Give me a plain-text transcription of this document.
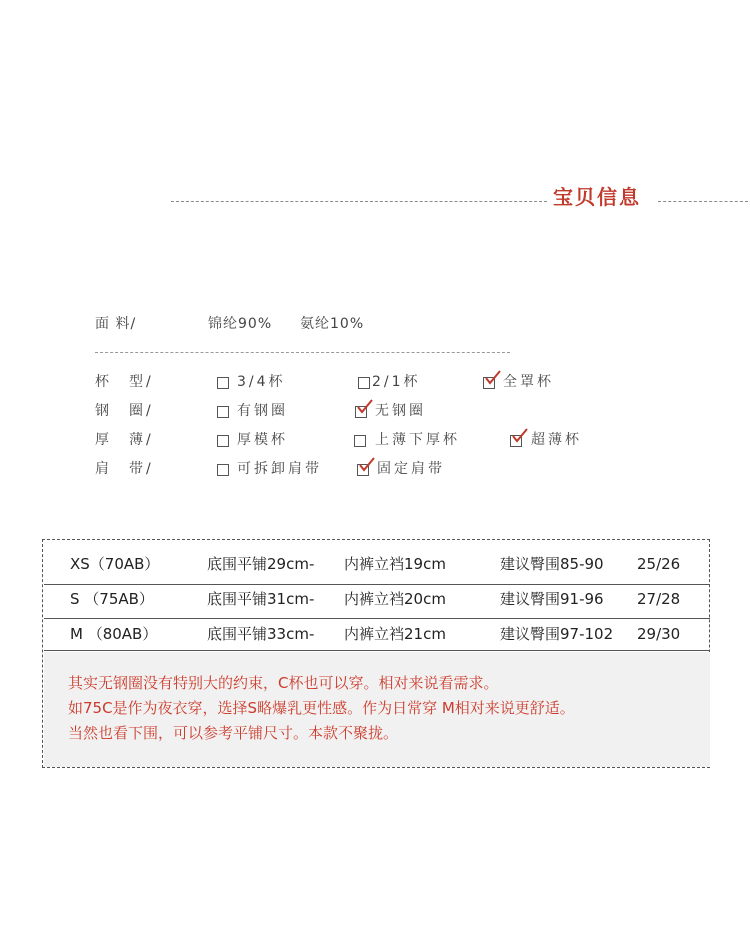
宝贝信息
面 料/	锦纶90% 氨纶10%
杯　型/	3/4杯	2/1杯	全罩杯
钢　圈/	有钢圈	无钢圈
厚　薄/	厚模杯	上薄下厚杯	超薄杯
肩　带/	可拆卸肩带	固定肩带
XS（70AB）	底围平铺29cm- 内裤立裆19cm	建议臀围85-90 25/26
S （75AB）	底围平铺31cm- 内裤立裆20cm	建议臀围91-96 27/28
M （80AB）	底围平铺33cm- 内裤立裆21cm	建议臀围97-102 29/30
其实无钢圈没有特别大的约束，C杯也可以穿。相对来说看需求。
如75C是作为夜衣穿，选择S略爆乳更性感。作为日常穿 M相对来说更舒适。
当然也看下围，可以参考平铺尺寸。本款不聚拢。
